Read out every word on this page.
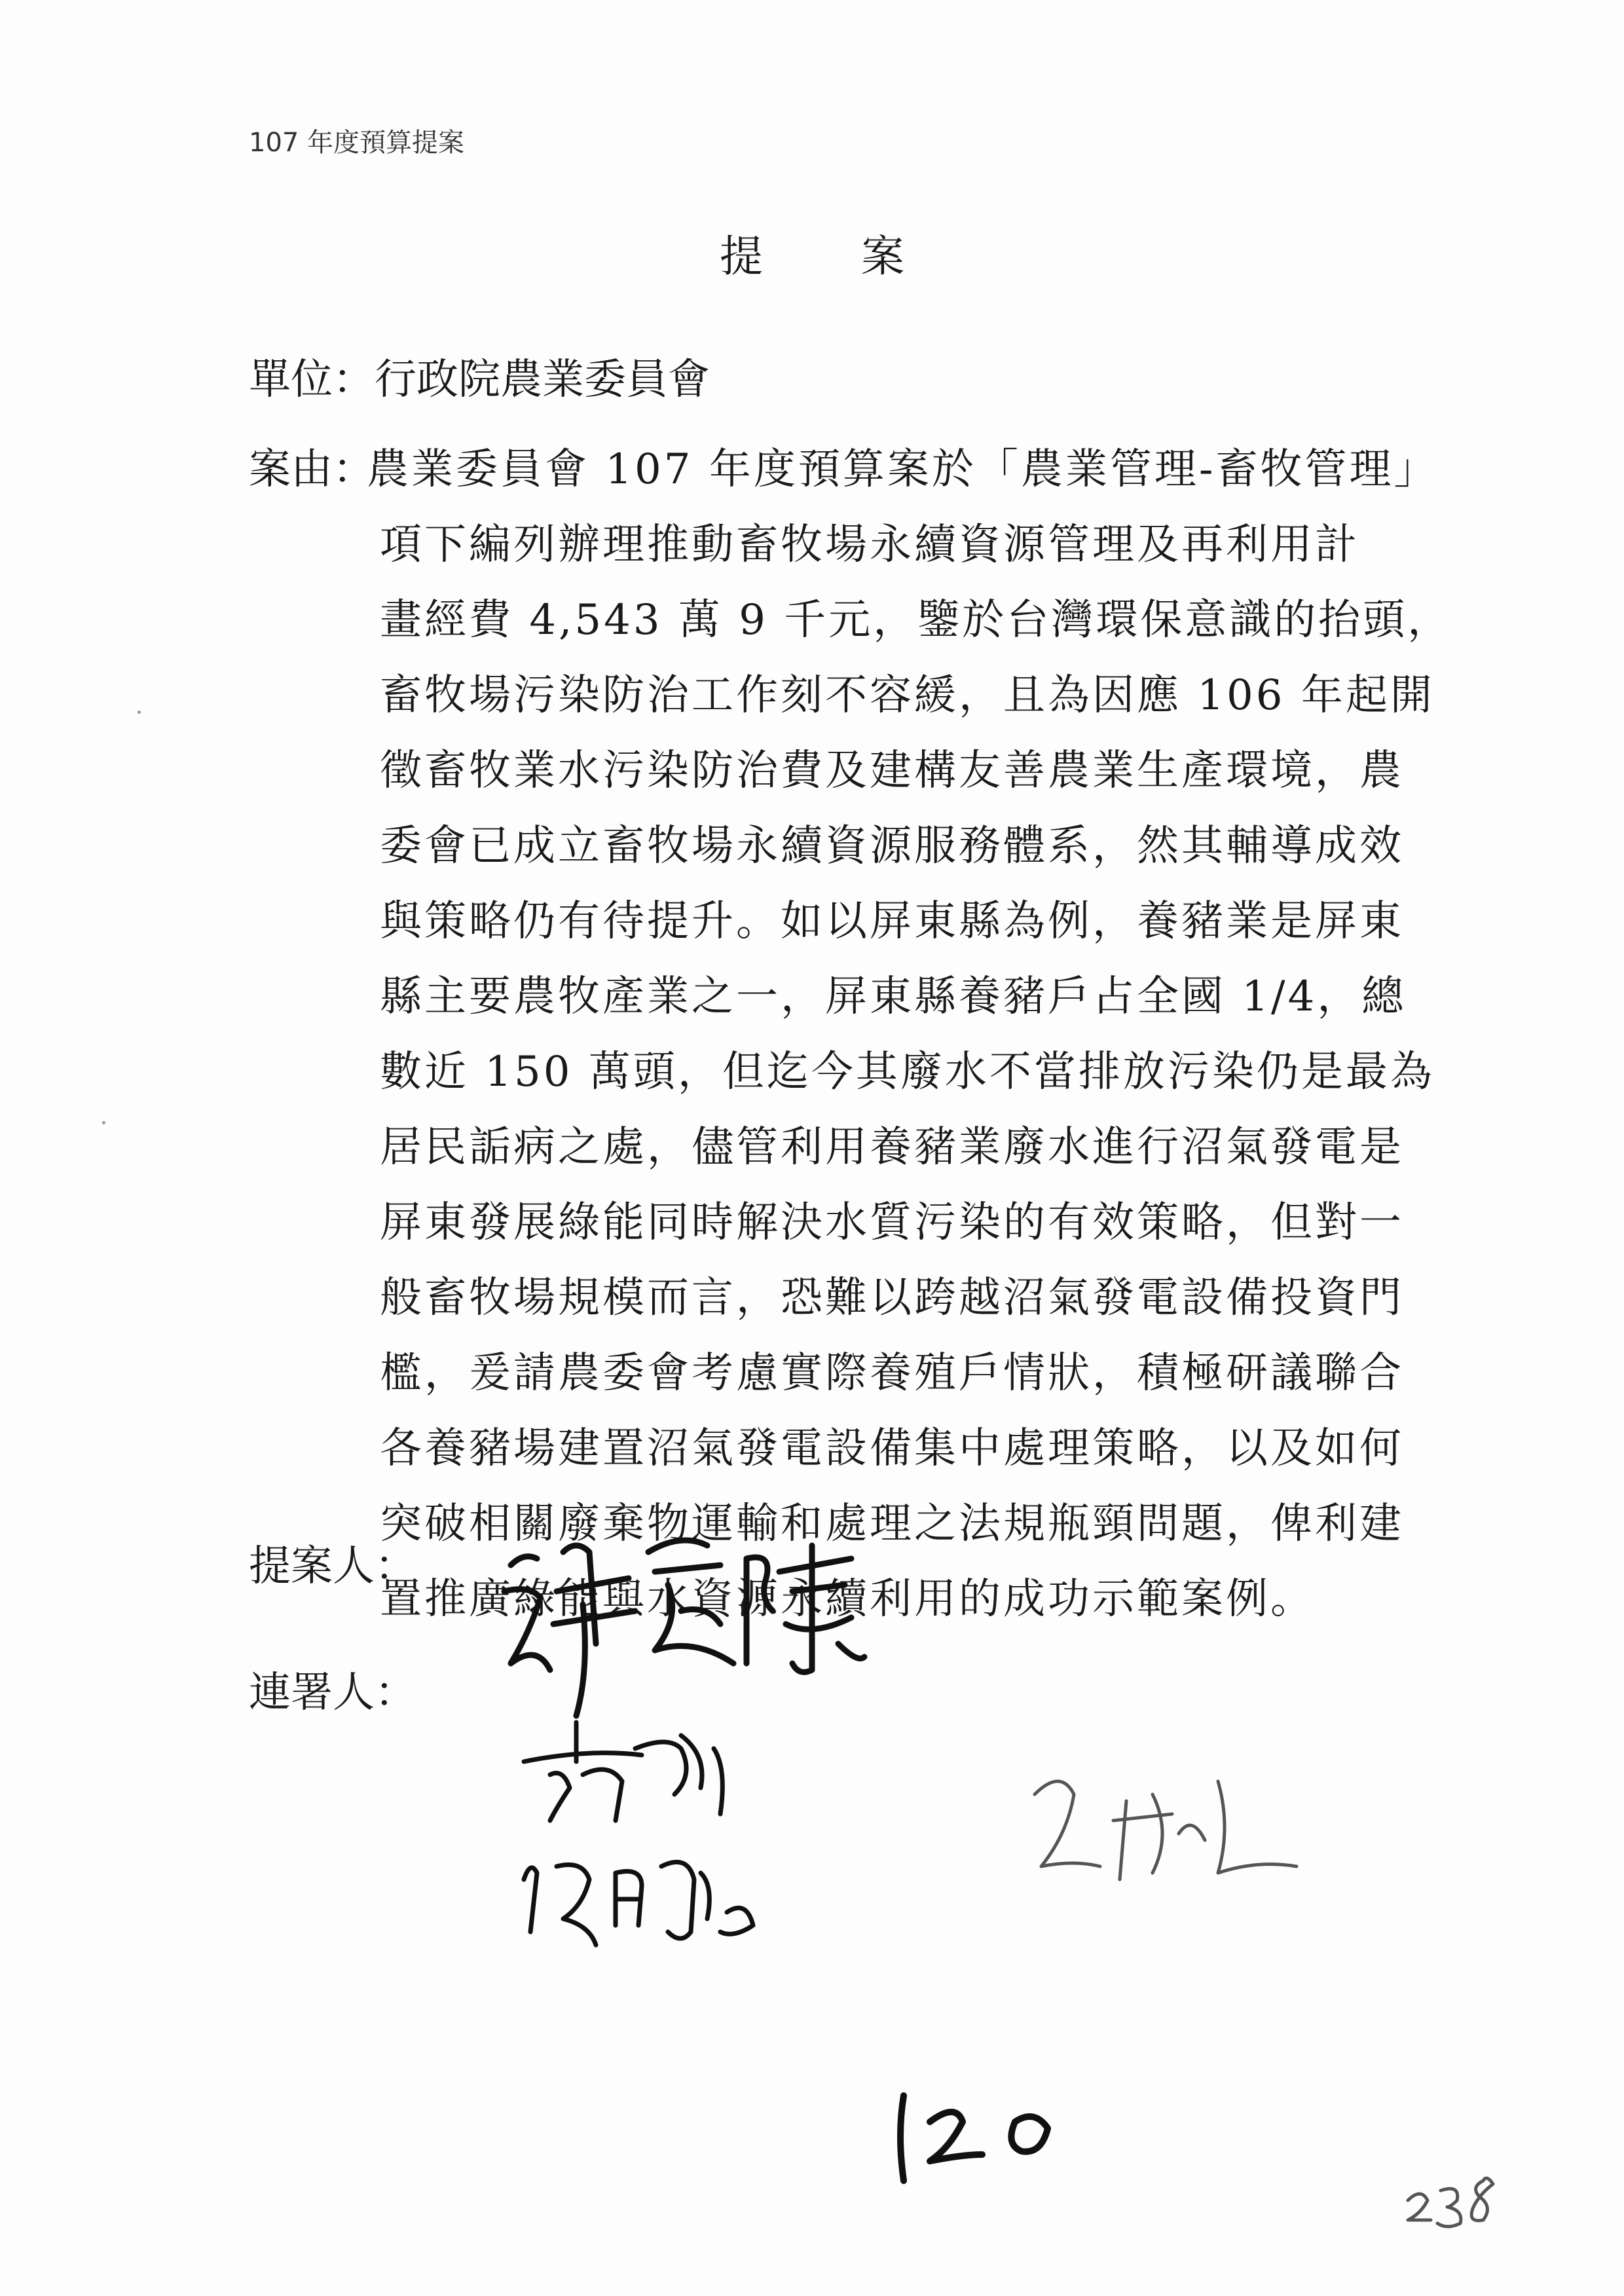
107 年度預算提案
提案
單位：行政院農業委員會
案由：
農業委員會 107 年度預算案於「農業管理-畜牧管理」
項下編列辦理推動畜牧場永續資源管理及再利用計
畫經費 4,543 萬 9 千元，鑒於台灣環保意識的抬頭，
畜牧場污染防治工作刻不容緩，且為因應 106 年起開
徵畜牧業水污染防治費及建構友善農業生產環境，農
委會已成立畜牧場永續資源服務體系，然其輔導成效
與策略仍有待提升。如以屏東縣為例，養豬業是屏東
縣主要農牧產業之一，屏東縣養豬戶占全國 1/4，總
數近 150 萬頭，但迄今其廢水不當排放污染仍是最為
居民詬病之處，儘管利用養豬業廢水進行沼氣發電是
屏東發展綠能同時解決水質污染的有效策略，但對一
般畜牧場規模而言，恐難以跨越沼氣發電設備投資門
檻，爰請農委會考慮實際養殖戶情狀，積極研議聯合
各養豬場建置沼氣發電設備集中處理策略，以及如何
突破相關廢棄物運輸和處理之法規瓶頸問題，俾利建
置推廣綠能與水資源永續利用的成功示範案例。
提案人：
連署人：
